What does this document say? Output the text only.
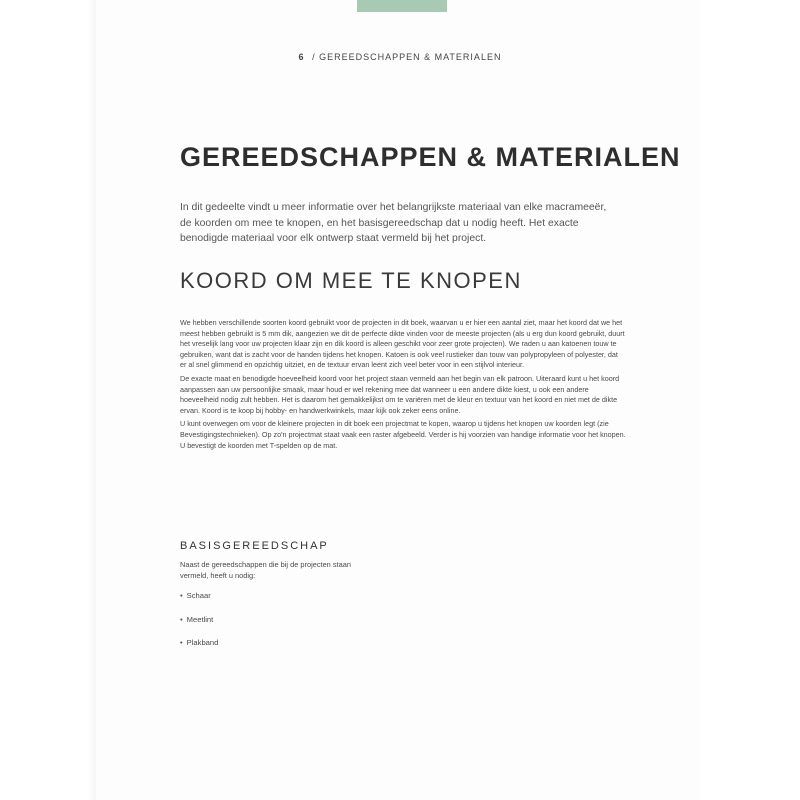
6 / GEREEDSCHAPPEN & MATERIALEN
GEREEDSCHAPPEN & MATERIALEN

In dit gedeelte vindt u meer informatie over het belangrijkste materiaal van elke macrameeër, de koorden om mee te knopen, en het basisgereedschap dat u nodig heeft. Het exacte benodigde materiaal voor elk ontwerp staat vermeld bij het project.

KOORD OM MEE TE KNOPEN

We hebben verschillende soorten koord gebruikt voor de projecten in dit boek, waarvan u er hier een aantal ziet, maar het koord dat we het meest hebben gebruikt is 5 mm dik, aangezien we dit de perfecte dikte vinden voor de meeste projecten (als u erg dun koord gebruikt, duurt het vreselijk lang voor uw projecten klaar zijn en dik koord is alleen geschikt voor zeer grote projecten). We raden u aan katoenen touw te gebruiken, want dat is zacht voor de handen tijdens het knopen. Katoen is ook veel rustieker dan touw van polypropyleen of polyester, dat er al snel glimmend en opzichtig uitziet, en de textuur ervan leent zich veel beter voor in een stijlvol interieur.

De exacte maat en benodigde hoeveelheid koord voor het project staan vermeld aan het begin van elk patroon. Uiteraard kunt u het koord aanpassen aan uw persoonlijke smaak, maar houd er wel rekening mee dat wanneer u een andere dikte kiest, u ook een andere hoeveelheid nodig zult hebben. Het is daarom het gemakkelijkst om te variëren met de kleur en textuur van het koord en niet met de dikte ervan. Koord is te koop bij hobby- en handwerkwinkels, maar kijk ook zeker eens online.

U kunt overwegen om voor de kleinere projecten in dit boek een projectmat te kopen, waarop u tijdens het knopen uw koorden legt (zie Bevestigingstechnieken). Op zo'n projectmat staat vaak een raster afgebeeld. Verder is hij voorzien van handige informatie voor het knopen. U bevestigt de koorden met T-spelden op de mat.

BASISGEREEDSCHAP

Naast de gereedschappen die bij de projecten staan vermeld, heeft u nodig:

• Schaar
• Meetlint
• Plakband
